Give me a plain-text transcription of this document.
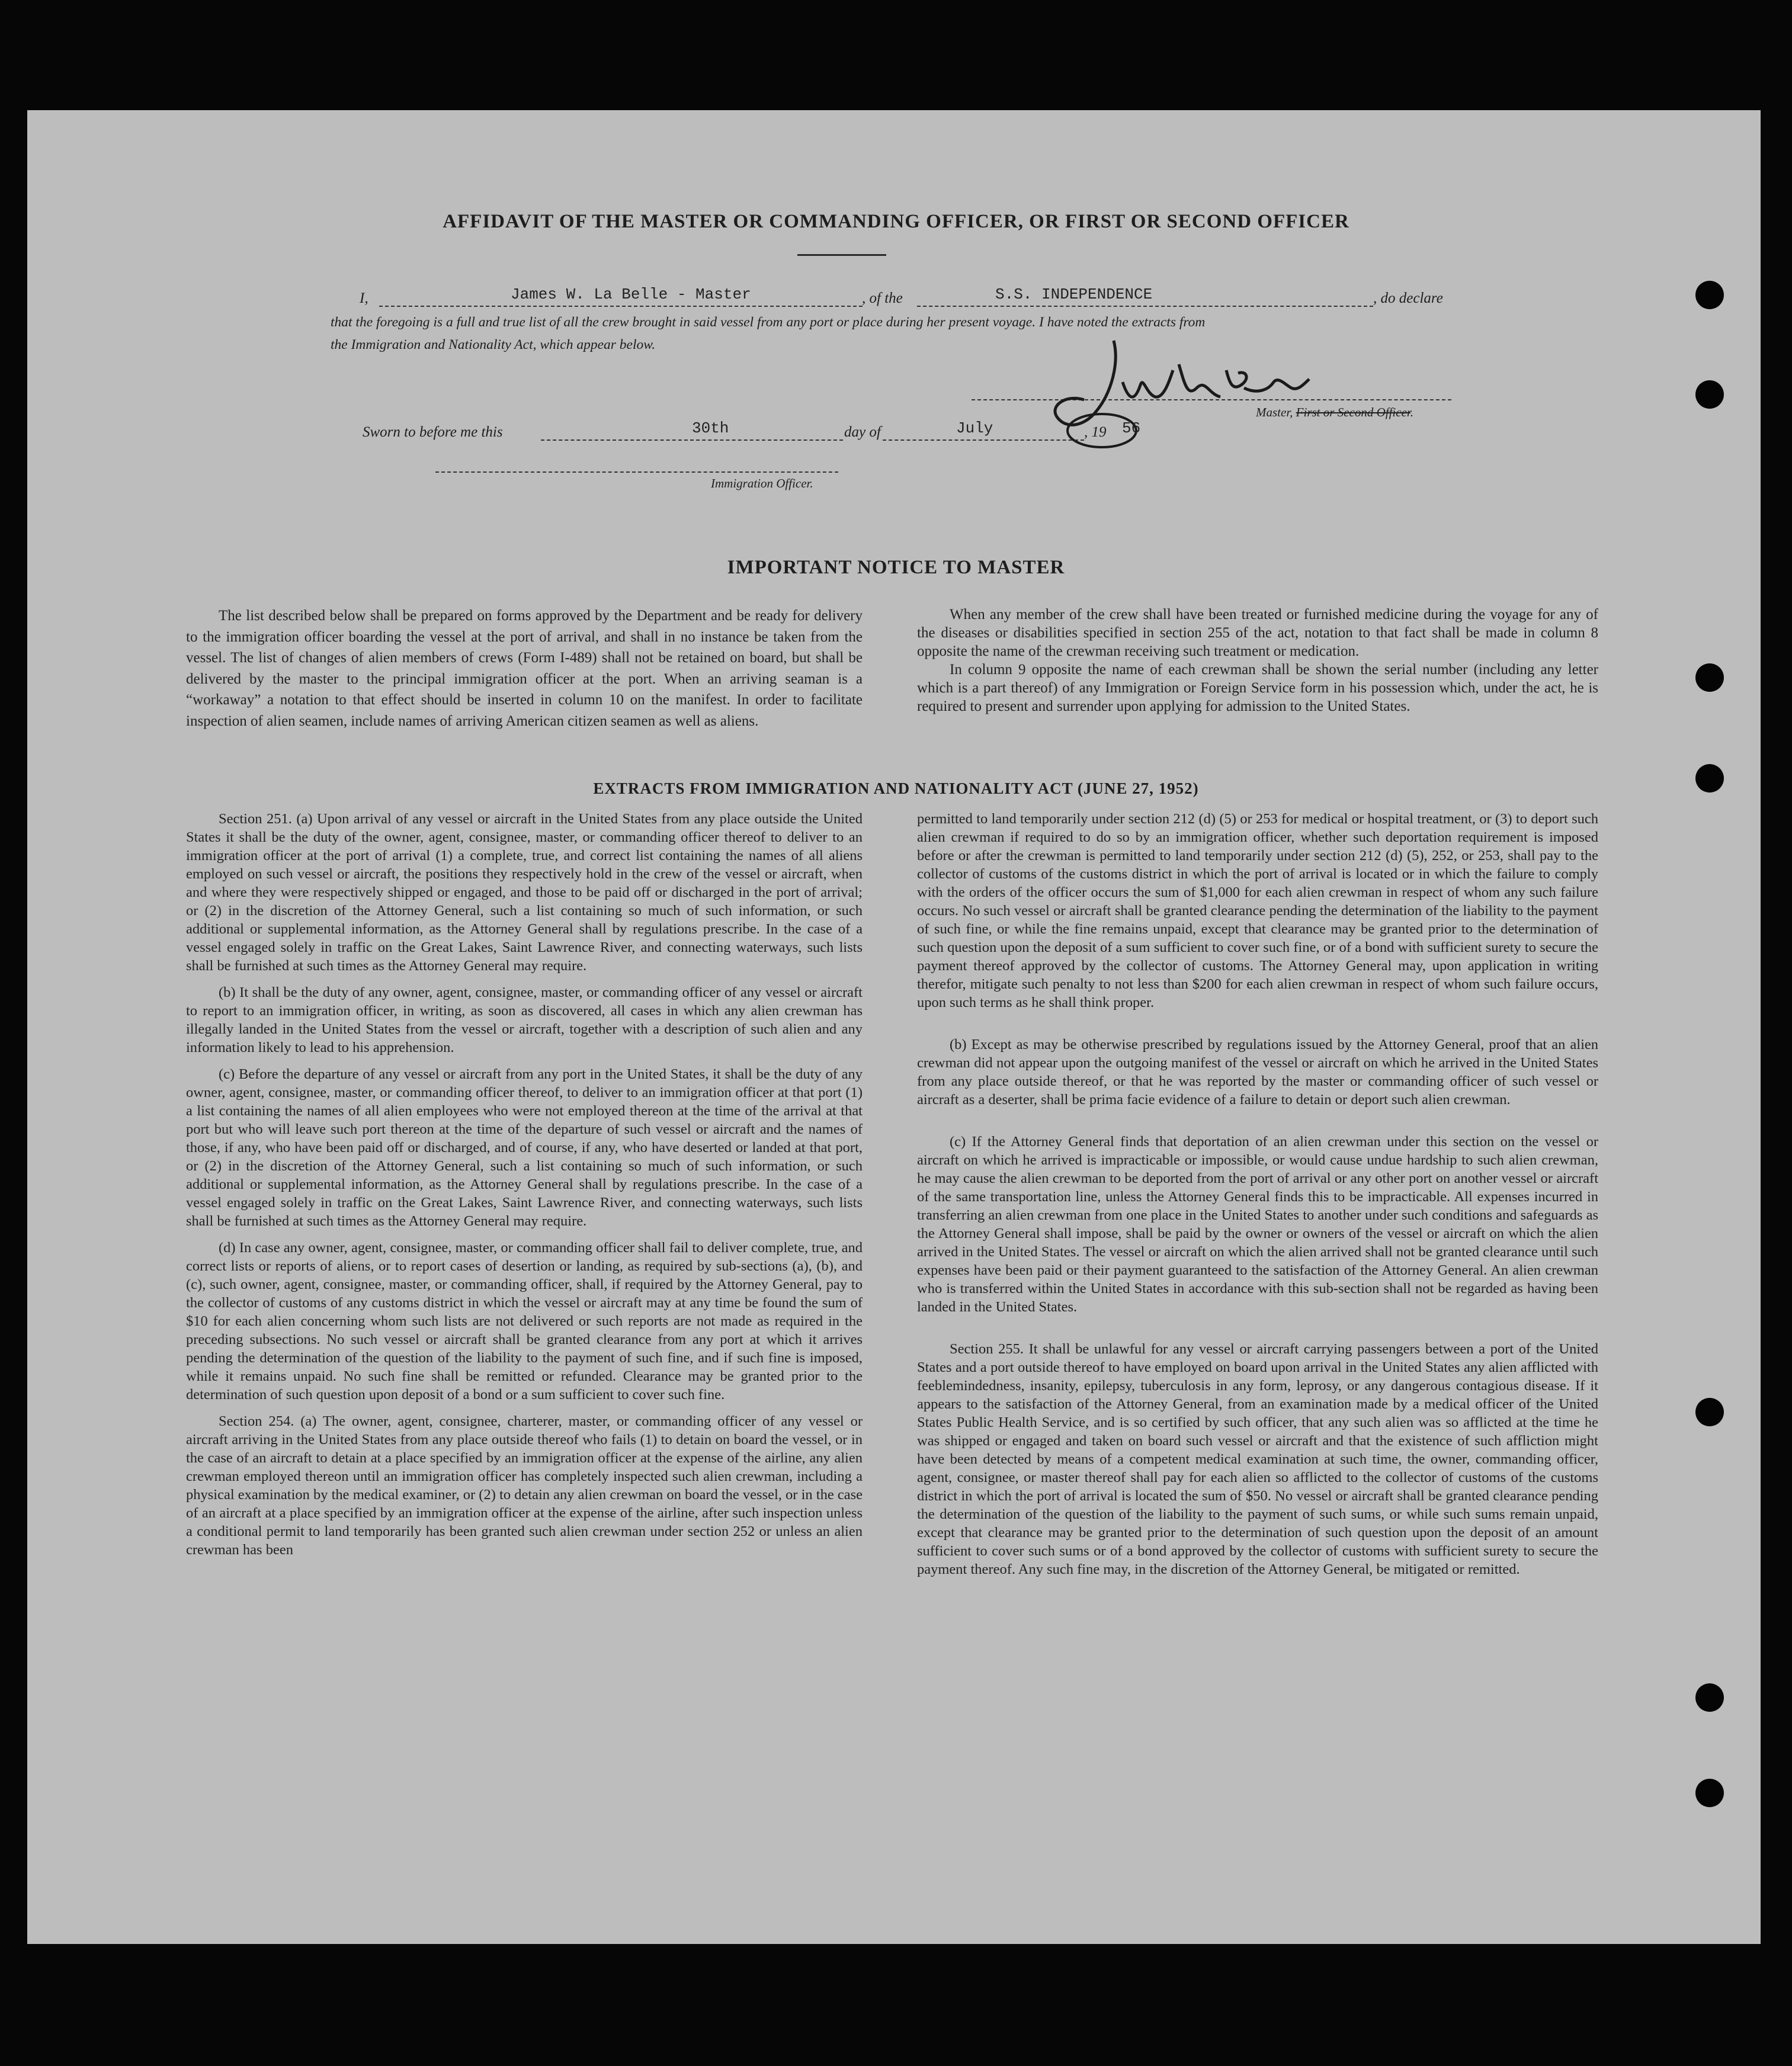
AFFIDAVIT OF THE MASTER OR COMMANDING OFFICER, OR FIRST OR SECOND OFFICER
I,	James W. La Belle - Master	, of the	S.S. INDEPENDENCE	, do declare
that the foregoing is a full and true list of all the crew brought in said vessel from any port or place during her present voyage. I have noted the extracts from
the Immigration and Nationality Act, which appear below.
Master, First or Second Officer.
Sworn to before me this	30th	day of	July	, 19 56
Immigration Officer.
IMPORTANT NOTICE TO MASTER

The list described below shall be prepared on forms approved by the Department and be ready for delivery to the immigration officer boarding the vessel at the port of arrival, and shall in no instance be taken from the vessel. The list of changes of alien members of crews (Form I-489) shall not be retained on board, but shall be delivered by the master to the principal immigration officer at the port. When an arriving seaman is a “workaway” a notation to that effect should be inserted in column 10 on the manifest. In order to facilitate inspection of alien seamen, include names of arriving American citizen seamen as well as aliens.

When any member of the crew shall have been treated or furnished medicine during the voyage for any of the diseases or disabilities specified in section 255 of the act, notation to that fact shall be made in column 8 opposite the name of the crewman receiving such treatment or medication.

In column 9 opposite the name of each crewman shall be shown the serial number (including any letter which is a part thereof) of any Immigration or Foreign Service form in his possession which, under the act, he is required to present and surrender upon applying for admission to the United States.

EXTRACTS FROM IMMIGRATION AND NATIONALITY ACT (JUNE 27, 1952)

Section 251. (a) Upon arrival of any vessel or aircraft in the United States from any place outside the United States it shall be the duty of the owner, agent, consignee, master, or commanding officer thereof to deliver to an immigration officer at the port of arrival (1) a complete, true, and correct list containing the names of all aliens employed on such vessel or aircraft, the positions they respectively hold in the crew of the vessel or aircraft, when and where they were respectively shipped or engaged, and those to be paid off or discharged in the port of arrival; or (2) in the discretion of the Attorney General, such a list containing so much of such information, or such additional or supplemental information, as the Attorney General shall by regulations prescribe. In the case of a vessel engaged solely in traffic on the Great Lakes, Saint Lawrence River, and connecting waterways, such lists shall be furnished at such times as the Attorney General may require.

(b) It shall be the duty of any owner, agent, consignee, master, or commanding officer of any vessel or aircraft to report to an immigration officer, in writing, as soon as discovered, all cases in which any alien crewman has illegally landed in the United States from the vessel or aircraft, together with a description of such alien and any information likely to lead to his apprehension.

(c) Before the departure of any vessel or aircraft from any port in the United States, it shall be the duty of any owner, agent, consignee, master, or commanding officer thereof, to deliver to an immigration officer at that port (1) a list containing the names of all alien employees who were not employed thereon at the time of the arrival at that port but who will leave such port thereon at the time of the departure of such vessel or aircraft and the names of those, if any, who have been paid off or discharged, and of course, if any, who have deserted or landed at that port, or (2) in the discretion of the Attorney General, such a list containing so much of such information, or such additional or supplemental information, as the Attorney General shall by regulations prescribe. In the case of a vessel engaged solely in traffic on the Great Lakes, Saint Lawrence River, and connecting waterways, such lists shall be furnished at such times as the Attorney General may require.

(d) In case any owner, agent, consignee, master, or commanding officer shall fail to deliver complete, true, and correct lists or reports of aliens, or to report cases of desertion or landing, as required by sub-sections (a), (b), and (c), such owner, agent, consignee, master, or commanding officer, shall, if required by the Attorney General, pay to the collector of customs of any customs district in which the vessel or aircraft may at any time be found the sum of $10 for each alien concerning whom such lists are not delivered or such reports are not made as required in the preceding subsections. No such vessel or aircraft shall be granted clearance from any port at which it arrives pending the determination of the question of the liability to the payment of such fine, and if such fine is imposed, while it remains unpaid. No such fine shall be remitted or refunded. Clearance may be granted prior to the determination of such question upon deposit of a bond or a sum sufficient to cover such fine.

Section 254. (a) The owner, agent, consignee, charterer, master, or commanding officer of any vessel or aircraft arriving in the United States from any place outside thereof who fails (1) to detain on board the vessel, or in the case of an aircraft to detain at a place specified by an immigration officer at the expense of the airline, any alien crewman employed thereon until an immigration officer has completely inspected such alien crewman, including a physical examination by the medical examiner, or (2) to detain any alien crewman on board the vessel, or in the case of an aircraft at a place specified by an immigration officer at the expense of the airline, after such inspection unless a conditional permit to land temporarily has been granted such alien crewman under section 252 or unless an alien crewman has been

permitted to land temporarily under section 212 (d) (5) or 253 for medical or hospital treatment, or (3) to deport such alien crewman if required to do so by an immigration officer, whether such deportation requirement is imposed before or after the crewman is permitted to land temporarily under section 212 (d) (5), 252, or 253, shall pay to the collector of customs of the customs district in which the port of arrival is located or in which the failure to comply with the orders of the officer occurs the sum of $1,000 for each alien crewman in respect of whom any such failure occurs. No such vessel or aircraft shall be granted clearance pending the determination of the liability to the payment of such fine, or while the fine remains unpaid, except that clearance may be granted prior to the determination of such question upon the deposit of a sum sufficient to cover such fine, or of a bond with sufficient surety to secure the payment thereof approved by the collector of customs. The Attorney General may, upon application in writing therefor, mitigate such penalty to not less than $200 for each alien crewman in respect of whom such failure occurs, upon such terms as he shall think proper.

(b) Except as may be otherwise prescribed by regulations issued by the Attorney General, proof that an alien crewman did not appear upon the outgoing manifest of the vessel or aircraft on which he arrived in the United States from any place outside thereof, or that he was reported by the master or commanding officer of such vessel or aircraft as a deserter, shall be prima facie evidence of a failure to detain or deport such alien crewman.

(c) If the Attorney General finds that deportation of an alien crewman under this section on the vessel or aircraft on which he arrived is impracticable or impossible, or would cause undue hardship to such alien crewman, he may cause the alien crewman to be deported from the port of arrival or any other port on another vessel or aircraft of the same transportation line, unless the Attorney General finds this to be impracticable. All expenses incurred in transferring an alien crewman from one place in the United States to another under such conditions and safeguards as the Attorney General shall impose, shall be paid by the owner or owners of the vessel or aircraft on which the alien arrived in the United States. The vessel or aircraft on which the alien arrived shall not be granted clearance until such expenses have been paid or their payment guaranteed to the satisfaction of the Attorney General. An alien crewman who is transferred within the United States in accordance with this sub-section shall not be regarded as having been landed in the United States.

Section 255. It shall be unlawful for any vessel or aircraft carrying passengers between a port of the United States and a port outside thereof to have employed on board upon arrival in the United States any alien afflicted with feeblemindedness, insanity, epilepsy, tuberculosis in any form, leprosy, or any dangerous contagious disease. If it appears to the satisfaction of the Attorney General, from an examination made by a medical officer of the United States Public Health Service, and is so certified by such officer, that any such alien was so afflicted at the time he was shipped or engaged and taken on board such vessel or aircraft and that the existence of such affliction might have been detected by means of a competent medical examination at such time, the owner, commanding officer, agent, consignee, or master thereof shall pay for each alien so afflicted to the collector of customs of the customs district in which the port of arrival is located the sum of $50. No vessel or aircraft shall be granted clearance pending the determination of the question of the liability to the payment of such sums, or while such sums remain unpaid, except that clearance may be granted prior to the determination of such question upon the deposit of an amount sufficient to cover such sums or of a bond approved by the collector of customs with sufficient surety to secure the payment thereof. Any such fine may, in the discretion of the Attorney General, be mitigated or remitted.
